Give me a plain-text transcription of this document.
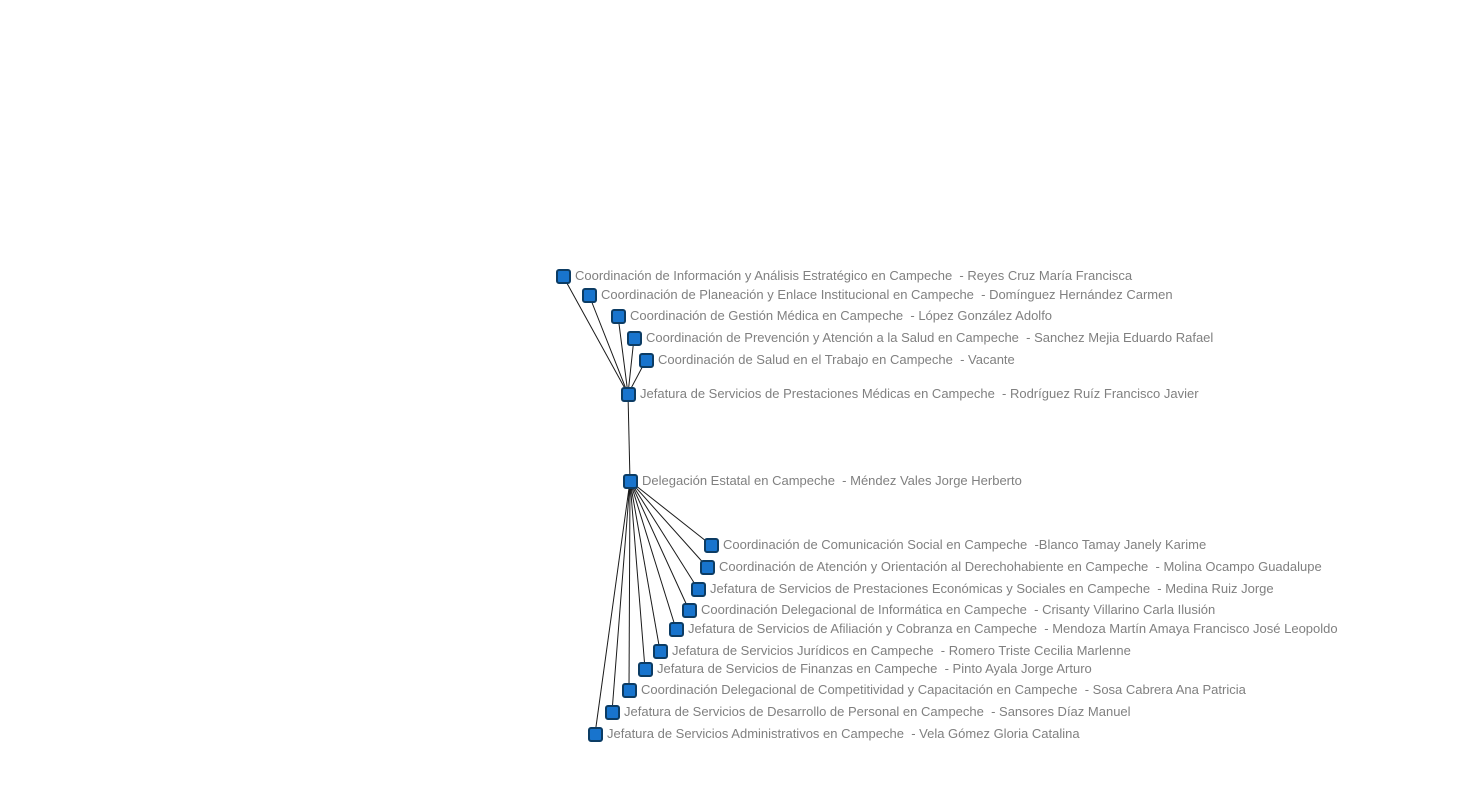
Coordinación de Información y Análisis Estratégico en Campeche  - Reyes Cruz María Francisca
Coordinación de Planeación y Enlace Institucional en Campeche  - Domínguez Hernández Carmen
Coordinación de Gestión Médica en Campeche  - López González Adolfo
Coordinación de Prevención y Atención a la Salud en Campeche  - Sanchez Mejia Eduardo Rafael
Coordinación de Salud en el Trabajo en Campeche  - Vacante
Jefatura de Servicios de Prestaciones Médicas en Campeche  - Rodríguez Ruíz Francisco Javier
Delegación Estatal en Campeche  - Méndez Vales Jorge Herberto
Coordinación de Comunicación Social en Campeche  -Blanco Tamay Janely Karime
Coordinación de Atención y Orientación al Derechohabiente en Campeche  - Molina Ocampo Guadalupe
Jefatura de Servicios de Prestaciones Económicas y Sociales en Campeche  - Medina Ruiz Jorge
Coordinación Delegacional de Informática en Campeche  - Crisanty Villarino Carla Ilusión
Jefatura de Servicios de Afiliación y Cobranza en Campeche  - Mendoza Martín Amaya Francisco José Leopoldo
Jefatura de Servicios Jurídicos en Campeche  - Romero Triste Cecilia Marlenne
Jefatura de Servicios de Finanzas en Campeche  - Pinto Ayala Jorge Arturo
Coordinación Delegacional de Competitividad y Capacitación en Campeche  - Sosa Cabrera Ana Patricia
Jefatura de Servicios de Desarrollo de Personal en Campeche  - Sansores Díaz Manuel
Jefatura de Servicios Administrativos en Campeche  - Vela Gómez Gloria Catalina
